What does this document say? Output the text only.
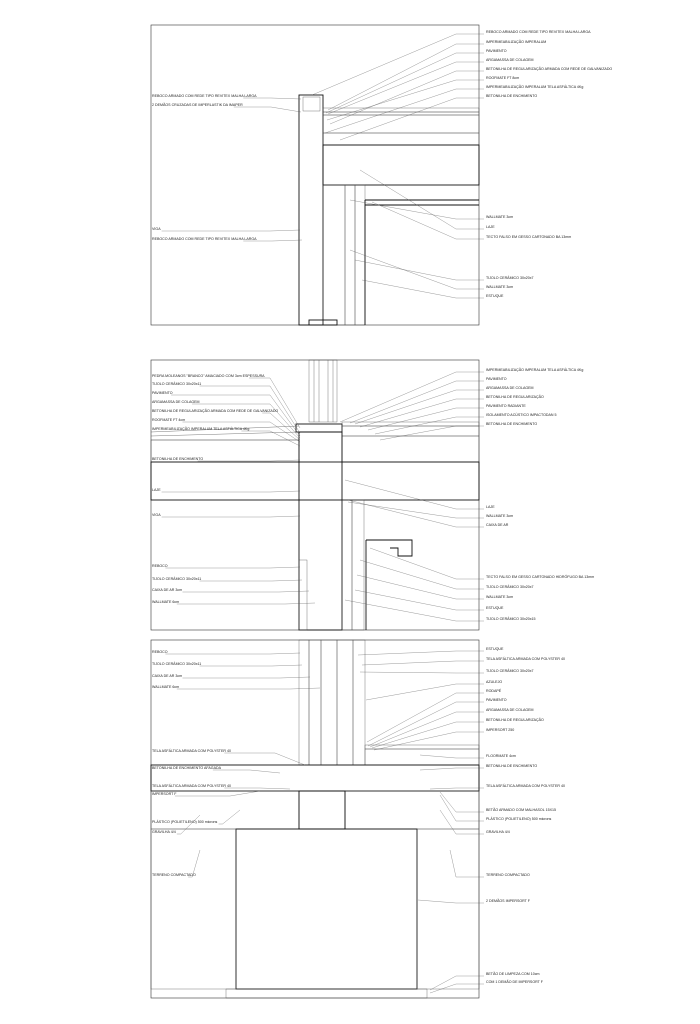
REBOCO ARMADO COM REDE TIPO REVITEX MALHA LARGA
IMPERMEABILIZAÇÃO IMPERALUM
PAVIMENTO
ARGAMASSA DE COLAGEM
BETONILHA DE REGULARIZAÇÃO ARMADA COM REDE DE GALVANIZADO
ROOFMATE FT 8cm
IMPERMEABILIZAÇÃO IMPERALUM TELA ASFÁLTICA 4Kg
BETONILHA DE ENCHIMENTO
WALLMATE 3cm
LAJE
TECTO FALSO EM GESSO CARTONADO BA 13mm
TIJOLO CERÂMICO 30x20x7
WALLMATE 3cm
ESTUQUE
REBOCO ARMADO COM REDE TIPO REVITEX MALHA LARGA
2 DEMÃOS CRUZADAS DE IMPERLASTIK DA IMAPER
VIGA
REBOCO ARMADO COM REDE TIPO REVITEX MALHA LARGA
PEDRA MOLEANOS "BRANCO" AMACIADO COM 3cm ESPESSURA
TIJOLO CERÂMICO 30x20x11
PAVIMENTO
ARGAMASSA DE COLAGEM
BETONILHA DE REGULARIZAÇÃO ARMADA COM REDE DE GALVANIZADO
ROOFMATE FT 4cm
IMPERMEABILIZAÇÃO IMPERALUM TELA ASFÁLTICA 4Kg
BETONILHA DE ENCHIMENTO
LAJE
VIGA
REBOCO
TIJOLO CERÂMICO 30x20x11
CAIXA DE AR 3cm
WALLMATE 6cm
IMPERMEABILIZAÇÃO IMPERALUM TELA ASFÁLTICA 4Kg
PAVIMENTO
ARGAMASSA DE COLAGEM
BETONILHA DE REGULARIZAÇÃO
PAVIMENTO RADIANTE
ISOLAMENTO ACÚSTICO IMPACTODAN 5
BETONILHA DE ENCHIMENTO
LAJE
WALLMATE 3cm
CAIXA DE AR
TECTO FALSO EM GESSO CARTONADO HIDRÓFUGO BA 13mm
TIJOLO CERÂMICO 30x20x7
WALLMATE 3cm
ESTUQUE
TIJOLO CERÂMICO 30x20x15
REBOCO
TIJOLO CERÂMICO 30x20x11
CAIXA DE AR 3cm
WALLMATE 6cm
TELA ASFÁLTICA ARMADA COM POLYSTER 40
BETONILHA DE ENCHIMENTO AFAGADA
TELA ASFÁLTICA ARMADA COM POLYSTER 40
IMPERSORT F
PLÁSTICO (POLIETILENO) 500 microns
GRAVILHA 4/4
TERRENO COMPACTADO
ESTUQUE
TELA ASFÁLTICA ARMADA COM POLYSTER 40
TIJOLO CERÂMICO 30x20x7
AZULEJO
RODAPÉ
PAVIMENTO
ARGAMASSA DE COLAGEM
BETONILHA DE REGULARIZAÇÃO
IMPERSORT 250
FLOORMATE 4cm
BETONILHA DE ENCHIMENTO
TELA ASFÁLTICA ARMADA COM POLYSTER 40
BETÃO ARMADO COM MALHASOL 15X15
PLÁSTICO (POLIETILENO) 500 microns
GRAVILHA 4/4
TERRENO COMPACTADO
2 DEMÃOS IMPERSORT F
BETÃO DE LIMPEZA COM 10cm
COM 1 DEMÃO DE IMPERSORT F
